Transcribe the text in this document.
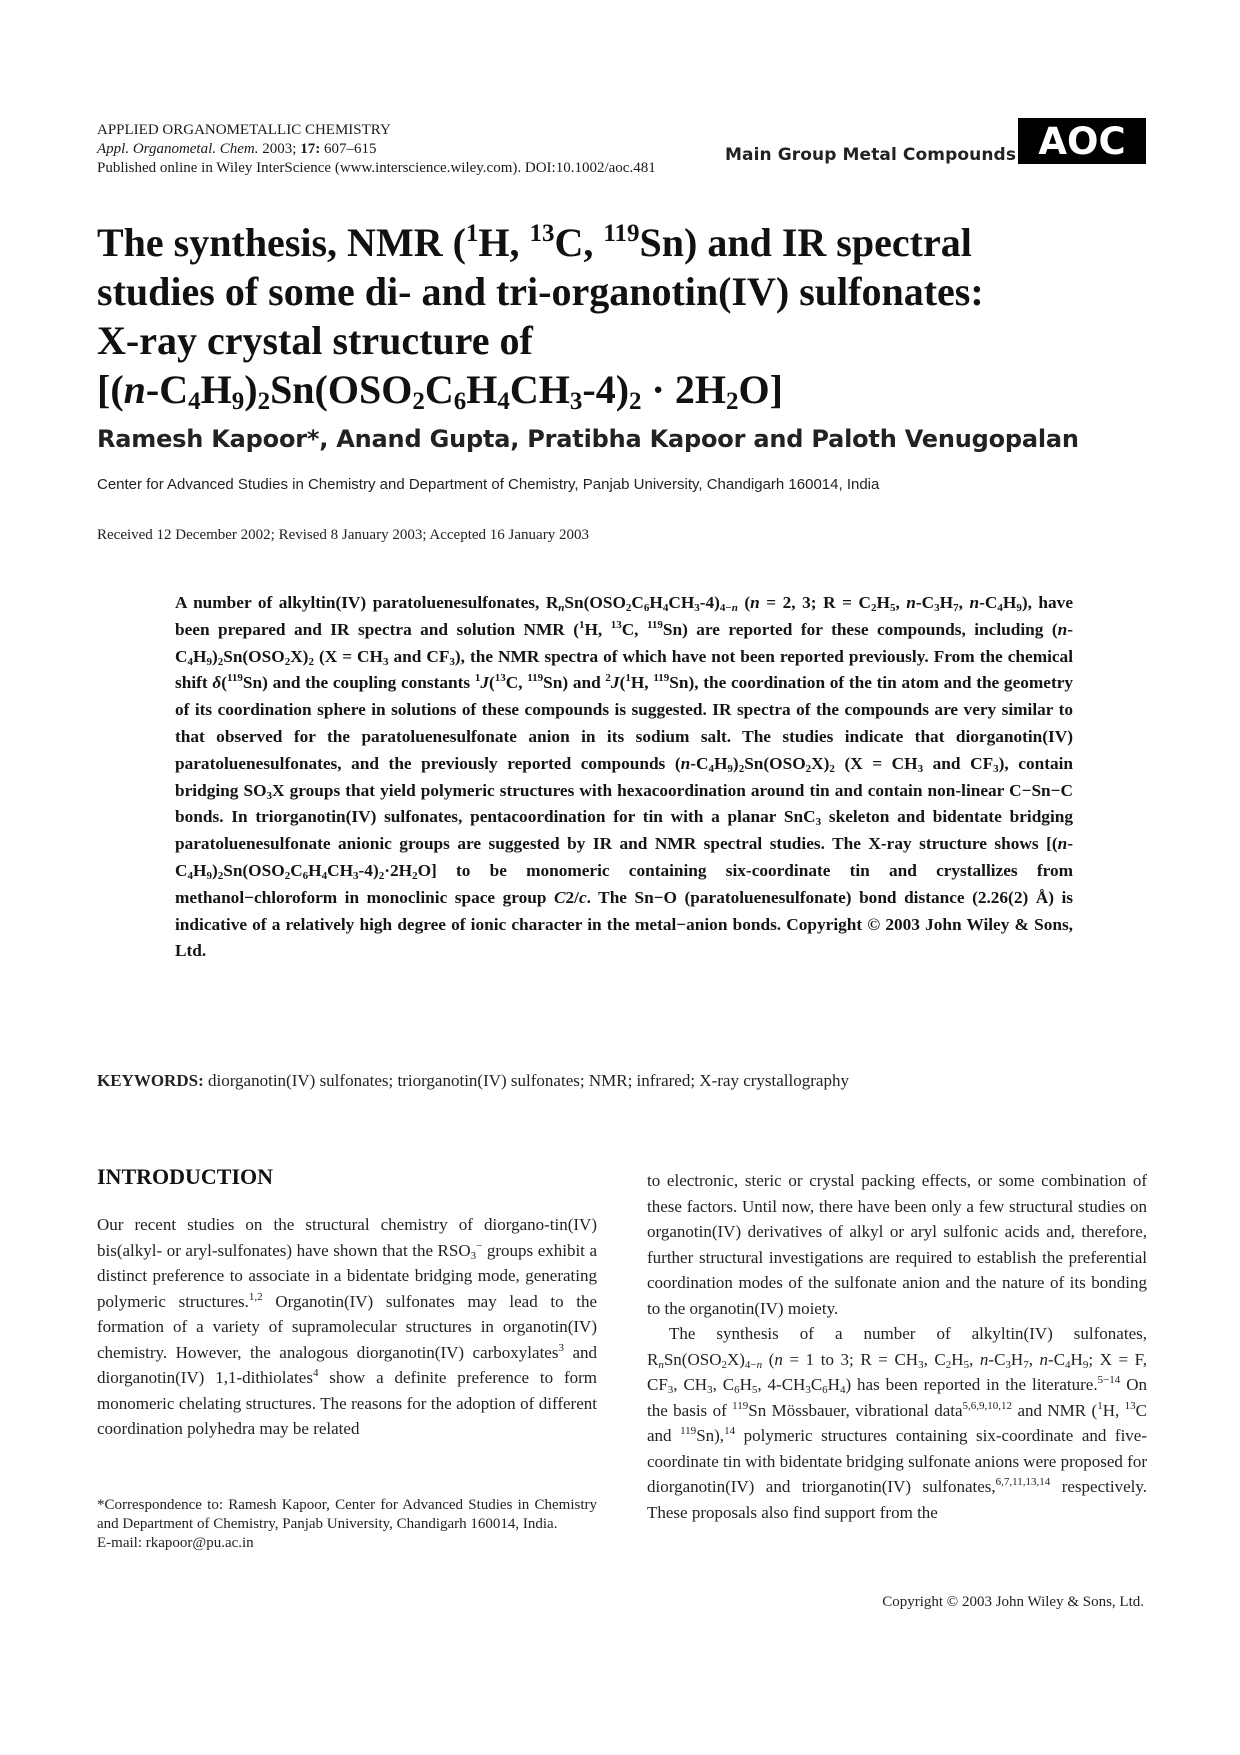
APPLIED ORGANOMETALLIC CHEMISTRY
Appl. Organometal. Chem. 2003; 17: 607–615
Published online in Wiley InterScience (www.interscience.wiley.com). DOI:10.1002/aoc.481
Main Group Metal Compounds AOC
The synthesis, NMR ($^1$H, $^{13}$C, $^{119}$Sn) and IR spectral
studies of some di- and tri-organotin(IV) sulfonates:
X-ray crystal structure of
$[(n-C_4H_9)_2Sn(OSO_2C_6H_4CH_3-4)_2 \cdot 2H_2O]$
Ramesh Kapoor*, Anand Gupta, Pratibha Kapoor and Paloth Venugopalan
Center for Advanced Studies in Chemistry and Department of Chemistry, Panjab University, Chandigarh 160014, India
Received 12 December 2002; Revised 8 January 2003; Accepted 16 January 2003
A number of alkyltin(IV) paratoluenesulfonates, $R_nSn(OSO_2C_6H_4CH_3-4)_{4-n}$ (n = 2, 3; $R = C_2H_5$, $n-C_3H_7$, $n-C_4H_9$), have been prepared and IR spectra and solution NMR ($^1$H, $^{13}$C, $^{119}$Sn) are reported for these compounds, including $(n-C_4H_9)_2Sn(OSO_2X)_2$ ($X = CH_3$ and $CF_3$), the NMR spectra of which have not been reported previously. From the chemical shift δ($^{119}$Sn) and the coupling constants $^1$J($^{13}$C, $^{119}$Sn) and $^2$J($^1$H, $^{119}$Sn), the coordination of the tin atom and the geometry of its coordination sphere in solutions of these compounds is suggested. IR spectra of the compounds are very similar to that observed for the paratoluenesulfonate anion in its sodium salt. The studies indicate that diorganotin(IV) paratoluenesulfonates, and the previously reported compounds $(n-C_4H_9)_2Sn(OSO_2X)_2$ ($X = CH_3$ and $CF_3$), contain bridging $SO_3X$ groups that yield polymeric structures with hexacoordination around tin and contain non-linear C−Sn−C bonds. In triorganotin(IV) sulfonates, pentacoordination for tin with a planar SnC$_3$ skeleton and bidentate bridging paratoluenesulfonate anionic groups are suggested by IR and NMR spectral studies. The X-ray structure shows $[(n-C_4H_9)_2Sn(OSO_2C_6H_4CH_3-4)_2\cdot 2H_2O]$ to be monomeric containing six-coordinate tin and crystallizes from methanol−chloroform in monoclinic space group C2/c. The Sn−O (paratoluenesulfonate) bond distance (2.26(2) Å) is indicative of a relatively high degree of ionic character in the metal−anion bonds. Copyright © 2003 John Wiley & Sons, Ltd.
KEYWORDS: diorganotin(IV) sulfonates; triorganotin(IV) sulfonates; NMR; infrared; X-ray crystallography
INTRODUCTION

Our recent studies on the structural chemistry of diorgano-tin(IV) bis(alkyl- or aryl-sulfonates) have shown that the $RSO_3^-$ groups exhibit a distinct preference to associate in a bidentate bridging mode, generating polymeric structures.$^{1,2}$ Organotin(IV) sulfonates may lead to the formation of a variety of supramolecular structures in organotin(IV) chemistry. However, the analogous diorganotin(IV) carboxylates$^3$ and diorganotin(IV) 1,1-dithiolates$^4$ show a definite preference to form monomeric chelating structures. The reasons for the adoption of different coordination polyhedra may be related

to electronic, steric or crystal packing effects, or some combination of these factors. Until now, there have been only a few structural studies on organotin(IV) derivatives of alkyl or aryl sulfonic acids and, therefore, further structural investigations are required to establish the preferential coordination modes of the sulfonate anion and the nature of its bonding to the organotin(IV) moiety.

The synthesis of a number of alkyltin(IV) sulfonates, $R_nSn(OSO_2X)_{4-n}$ (n = 1 to 3; $R = CH_3$, $C_2H_5$, $n-C_3H_7$, $n-C_4H_9$; X = F, $CF_3$, $CH_3$, $C_6H_5$, $4-CH_3C_6H_4$) has been reported in the literature.$^{5-14}$ On the basis of $^{119}$Sn Mössbauer, vibrational data$^{5,6,9,10,12}$ and NMR ($^1$H, $^{13}$C and $^{119}$Sn),$^{14}$ polymeric structures containing six-coordinate and five-coordinate tin with bidentate bridging sulfonate anions were proposed for diorganotin(IV) and triorganotin(IV) sulfonates,$^{6,7,11,13,14}$ respectively. These proposals also find support from the

*Correspondence to: Ramesh Kapoor, Center for Advanced Studies in Chemistry and Department of Chemistry, Panjab University, Chandigarh 160014, India.

E-mail: rkapoor@pu.ac.in

Copyright © 2003 John Wiley & Sons, Ltd.
